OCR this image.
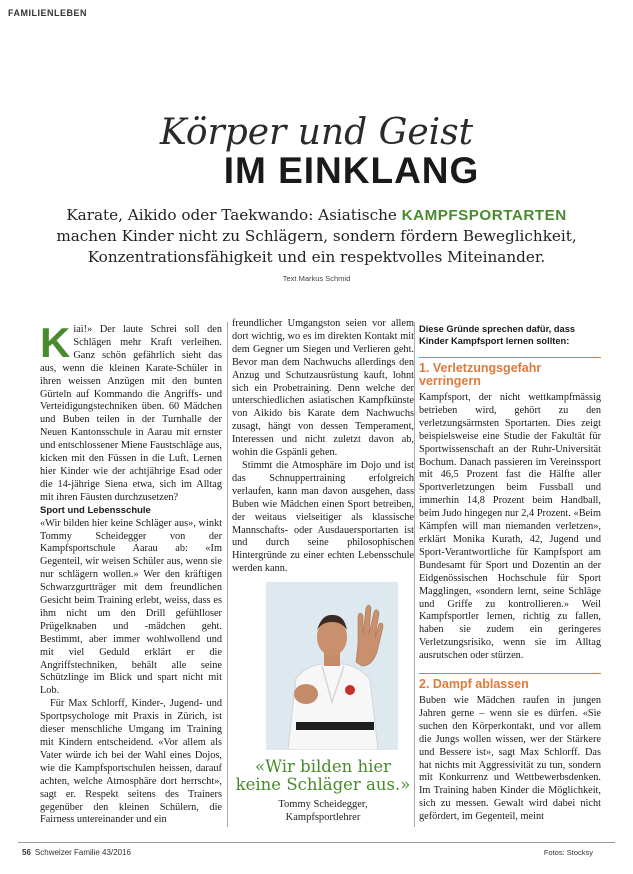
FAMILIENLEBEN
Körper und Geist
IM EINKLANG
Karate, Aikido oder Taekwando: Asiatische KAMPFSPORTARTEN machen Kinder nicht zu Schlägern, sondern fördern Beweglichkeit, Konzentrationsfähigkeit und ein respektvolles Miteinander.
Text Markus Schmid

Kiai!» Der laute Schrei soll den Schlägen mehr Kraft verleihen. Ganz schön gefährlich sieht das aus, wenn die kleinen Karate-Schüler in ihren weissen Anzügen mit den bunten Gürteln auf Kommando die Angriffs- und Verteidigungstechniken üben. 60 Mädchen und Buben teilen in der Turnhalle der Neuen Kantonsschule in Aarau mit ernster und entschlossener Miene Faustschläge aus, kicken mit den Füssen in die Luft. Lernen hier Kinder wie der achtjährige Esad oder die 14-jährige Siena etwa, sich im Alltag mit ihren Fäusten durchzusetzen?

Sport und Lebensschule

«Wir bilden hier keine Schläger aus», winkt Tommy Scheidegger von der Kampfsportschule Aarau ab: «Im Gegenteil, wir weisen Schüler aus, wenn sie nur schlägern wollen.» Wer den kräftigen Schwarzgurtträger mit dem freundlichen Gesicht beim Training erlebt, weiss, dass es ihm nicht um den Drill gefühlloser Prügelknaben und -mädchen geht. Bestimmt, aber immer wohlwollend und mit viel Geduld erklärt er die Angriffstechniken, behält alle seine Schützlinge im Blick und spart nicht mit Lob.

Für Max Schlorff, Kinder-, Jugend- und Sportpsychologe mit Praxis in Zürich, ist dieser menschliche Umgang im Training mit Kindern entscheidend. «Vor allem als Vater würde ich bei der Wahl eines Dojos, wie die Kampfsportschulen heissen, darauf achten, welche Atmosphäre dort herrscht», sagt er. Respekt seitens des Trainers gegenüber den kleinen Schülern, die Fairness untereinander und ein

freundlicher Umgangston seien vor allem dort wichtig, wo es im direkten Kontakt mit dem Gegner um Siegen und Verlieren geht. Bevor man dem Nachwuchs allerdings den Anzug und Schutzausrüstung kauft, lohnt sich ein Probetraining. Denn welche der unterschiedlichen asiatischen Kampfkünste von Aikido bis Karate dem Nachwuchs zusagt, hängt von dessen Temperament, Interessen und nicht zuletzt davon ab, wohin die Gspänli gehen.

Stimmt die Atmosphäre im Dojo und ist das Schnuppertraining erfolgreich verlaufen, kann man davon ausgehen, dass Buben wie Mädchen einen Sport betreiben, der weitaus vielseitiger als klassische Mannschafts- oder Ausdauersportarten ist und durch seine philosophischen Hintergründe zu einer echten Lebensschule werden kann.

«Wir bilden hier keine Schläger aus.»
Tommy Scheidegger,
Kampfsportlehrer

Diese Gründe sprechen dafür, dass Kinder Kampfsport lernen sollten:

1. Verletzungsgefahr verringern

Kampfsport, der nicht wettkampfmässig betrieben wird, gehört zu den verletzungsärmsten Sportarten. Dies zeigt beispielsweise eine Studie der Fakultät für Sportwissenschaft an der Ruhr-Universität Bochum. Danach passieren im Vereinssport mit 46,5 Prozent fast die Hälfte aller Sportverletzungen beim Fussball und immerhin 14,8 Prozent beim Handball, beim Judo hingegen nur 2,4 Prozent. «Beim Kämpfen will man niemanden verletzen», erklärt Monika Kurath, 42, Jugend und Sport-Verantwortliche für Kampfsport am Bundesamt für Sport und Dozentin an der Eidgenössischen Hochschule für Sport Magglingen, «sondern lernt, seine Schläge und Griffe zu kontrollieren.» Weil Kampfsportler lernen, richtig zu fallen, haben sie zudem ein geringeres Verletzungsrisiko, wenn sie im Alltag ausrutschen oder stürzen.

2. Dampf ablassen

Buben wie Mädchen raufen in jungen Jahren gerne – wenn sie es dürfen. «Sie suchen den Körperkontakt, und vor allem die Jungs wollen wissen, wer der Stärkere und Bessere ist», sagt Max Schlorff. Das hat nichts mit Aggressivität zu tun, sondern mit Konkurrenz und Wettbewerbsdenken. Im Training haben Kinder die Möglichkeit, sich zu messen. Gewalt wird dabei nicht gefördert, im Gegenteil, meint

56 Schweizer Familie 43/2016	Fotos: Stocksy
